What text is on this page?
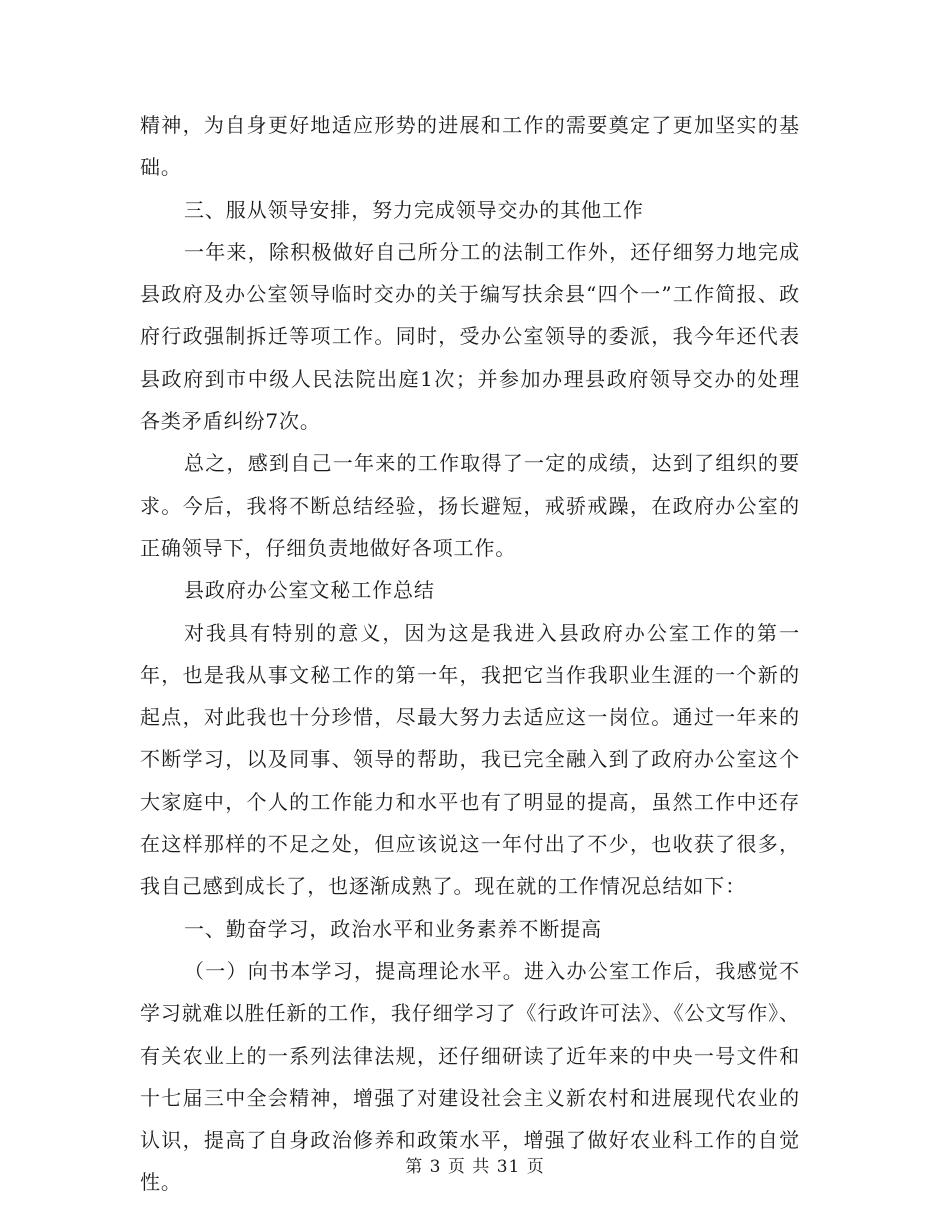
精神，为自身更好地适应形势的进展和工作的需要奠定了更加坚实的基础。

三、服从领导安排，努力完成领导交办的其他工作

一年来，除积极做好自己所分工的法制工作外，还仔细努力地完成县政府及办公室领导临时交办的关于编写扶余县“四个一”工作简报、政府行政强制拆迁等项工作。同时，受办公室领导的委派，我今年还代表县政府到市中级人民法院出庭1次；并参加办理县政府领导交办的处理各类矛盾纠纷7次。

总之，感到自己一年来的工作取得了一定的成绩，达到了组织的要求。今后，我将不断总结经验，扬长避短，戒骄戒躁，在政府办公室的正确领导下，仔细负责地做好各项工作。

县政府办公室文秘工作总结

对我具有特别的意义，因为这是我进入县政府办公室工作的第一年，也是我从事文秘工作的第一年，我把它当作我职业生涯的一个新的起点，对此我也十分珍惜，尽最大努力去适应这一岗位。通过一年来的不断学习，以及同事、领导的帮助，我已完全融入到了政府办公室这个大家庭中，个人的工作能力和水平也有了明显的提高，虽然工作中还存在这样那样的不足之处，但应该说这一年付出了不少，也收获了很多，我自己感到成长了，也逐渐成熟了。现在就的工作情况总结如下：

一、勤奋学习，政治水平和业务素养不断提高

（一）向书本学习，提高理论水平。进入办公室工作后，我感觉不学习就难以胜任新的工作，我仔细学习了《行政许可法》、《公文写作》、有关农业上的一系列法律法规，还仔细研读了近年来的中央一号文件和十七届三中全会精神，增强了对建设社会主义新农村和进展现代农业的认识，提高了自身政治修养和政策水平，增强了做好农业科工作的自觉性。

第 3 页 共 31 页
